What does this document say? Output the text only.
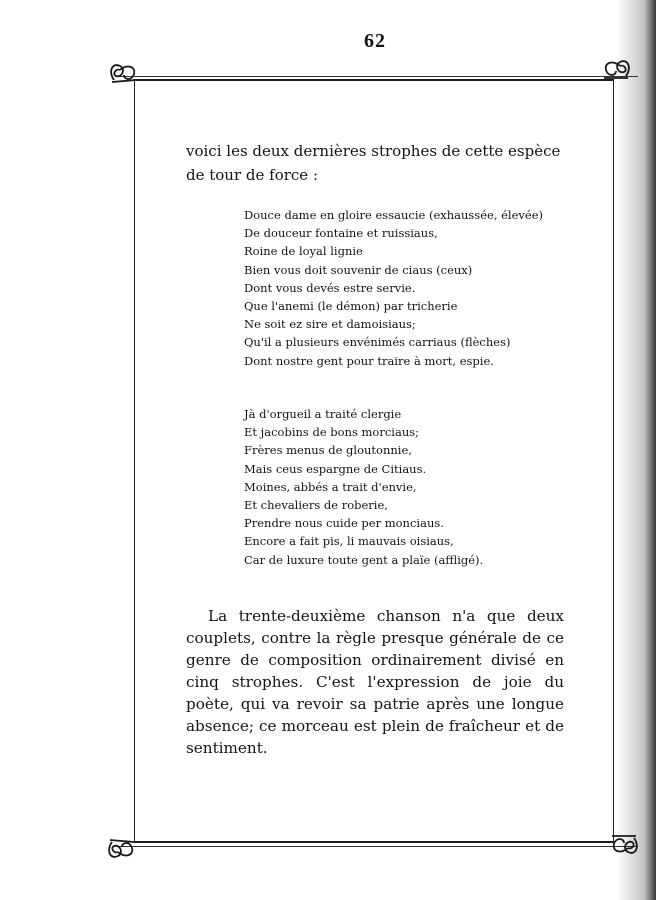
62
voici les deux dernières strophes de cette espèce de tour de force :
Douce dame en gloire essaucie (exhaussée, élevée)
De douceur fontaine et ruissiaus,
Roine de loyal lignie
Bien vous doit souvenir de ciaus (ceux)
Dont vous devés estre servie.
Que l'anemi (le démon) par tricherie
Ne soit ez sire et damoisiaus;
Qu'il a plusieurs envénimés carriaus (flèches)
Dont nostre gent pour traire à mort, espie.
Jà d'orgueil a traité clergie
Et jacobins de bons morciaus;
Frères menus de gloutonnie,
Mais ceus espargne de Citiaus.
Moines, abbés a trait d'envie,
Et chevaliers de roberie,
Prendre nous cuide per monciaus.
Encore a fait pis, li mauvais oisiaus,
Car de luxure toute gent a plaïe (affligé).
La trente-deuxième chanson n'a que deux couplets, contre la règle presque générale de ce genre de composition ordinairement divisé en cinq strophes. C'est l'expression de joie du poète, qui va revoir sa patrie après une longue absence; ce morceau est plein de fraîcheur et de sentiment.
